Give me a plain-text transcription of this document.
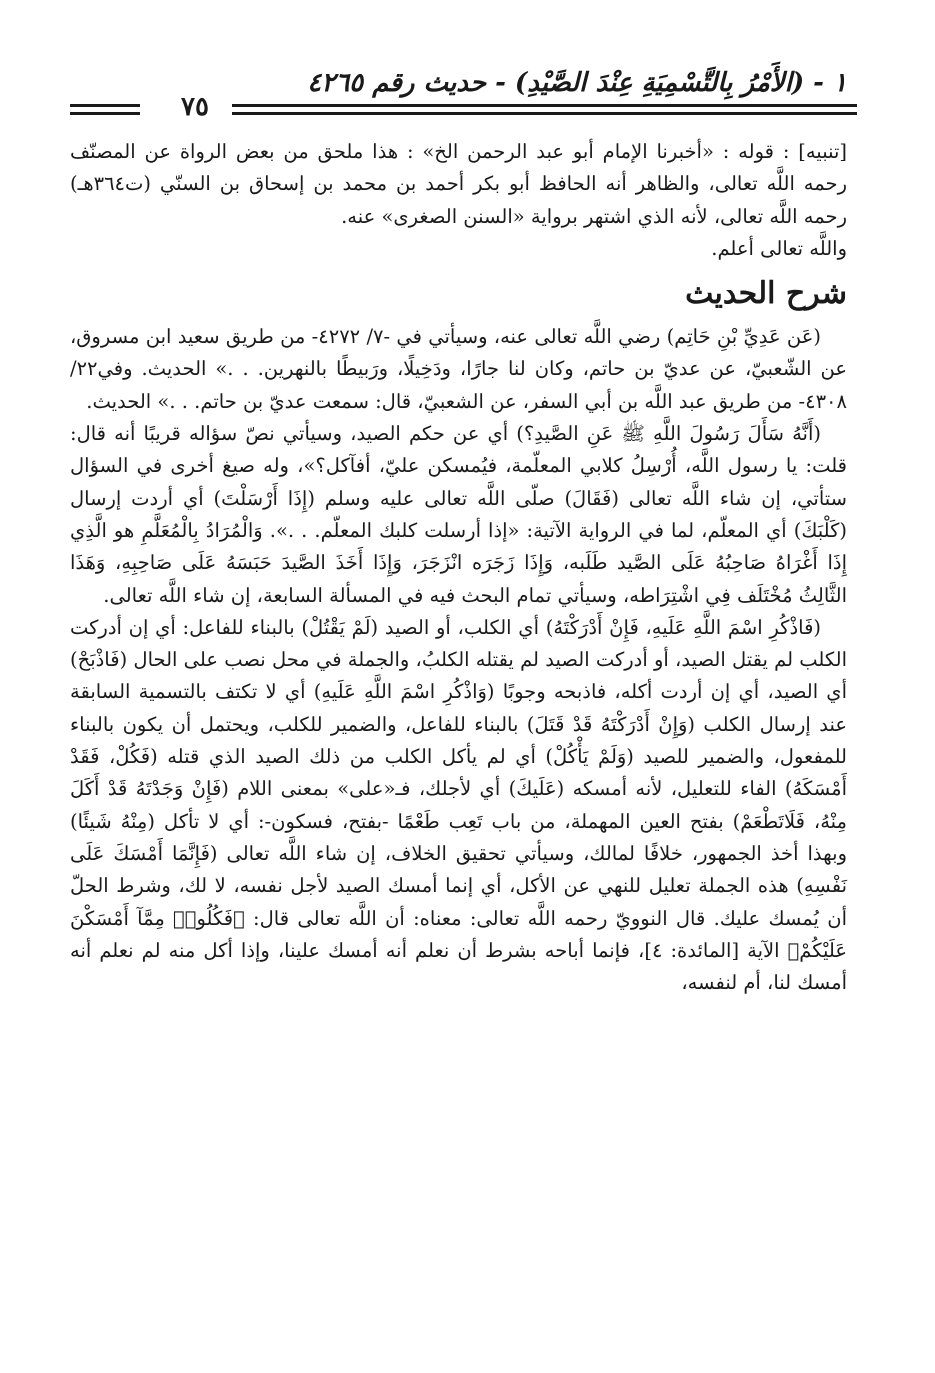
١ - (الأَمْرُ بِالتَّسْمِيَةِ عِنْدَ الصَّيْدِ) - حديث رقم ٤٢٦٥
٧٥

[تنبيه] : قوله : «أخبرنا الإمام أبو عبد الرحمن الخ» : هذا ملحق من بعض الرواة عن المصنّف رحمه اللَّه تعالى، والظاهر أنه الحافظ أبو بكر أحمد بن محمد بن إسحاق بن السنّي (ت٣٦٤هـ) رحمه اللَّه تعالى، لأنه الذي اشتهر برواية «السنن الصغرى» عنه.
واللَّه تعالى أعلم.

شرح الحديث

(عَن عَدِيِّ بْنِ حَاتِم) رضي اللَّه تعالى عنه، وسيأتي في -٧/ ٤٢٧٢- من طريق سعيد ابن مسروق، عن الشّعبيّ، عن عديّ بن حاتم، وكان لنا جارًا، ودَخِيلًا، ورَبيطًا بالنهرين. . .» الحديث. وفي٢٢/ ٤٣٠٨- من طريق عبد اللَّه بن أبي السفر، عن الشعبيّ، قال: سمعت عديّ بن حاتم. . .» الحديث.

(أَنَّهُ سَأَلَ رَسُولَ اللَّهِ ﷺ عَنِ الصَّيدِ؟) أي عن حكم الصيد، وسيأتي نصّ سؤاله قريبًا أنه قال: قلت: يا رسول اللَّه، أُرْسِلُ كلابي المعلّمة، فيُمسكن عليّ، أفآكل؟»، وله صيغ أخرى في السؤال ستأتي، إن شاء اللَّه تعالى (فَقَالَ) صلّى اللَّه تعالى عليه وسلم (إِذَا أَرْسَلْتَ) أي أردت إرسال (كَلْبَكَ) أي المعلّم، لما في الرواية الآتية: «إذا أرسلت كلبك المعلّم. . .». وَالْمُرَادُ بِالْمُعَلَّمِ هو الَّذِي إِذَا أَغْرَاهُ صَاحِبُهُ عَلَى الصَّيد طَلَبه، وَإِذَا زَجَرَه انْزَجَرَ، وَإِذَا أَخَذَ الصَّيدَ حَبَسَهُ عَلَى صَاحِبِهِ، وَهَذَا الثَّالِثُ مُخْتَلَف فِي اشْتِرَاطه، وسيأتي تمام البحث فيه في المسألة السابعة، إن شاء اللَّه تعالى.

(فَاذْكُرِ اسْمَ اللَّهِ عَلَيهِ، فَإِنْ أَدْرَكْتَهُ) أي الكلب، أو الصيد (لَمْ يَقْتُلْ) بالبناء للفاعل: أي إن أدركت الكلب لم يقتل الصيد، أو أدركت الصيد لم يقتله الكلبُ، والجملة في محل نصب على الحال (فَاذْبَحْ) أي الصيد، أي إن أردت أكله، فاذبحه وجوبًا (وَاذْكُرِ اسْمَ اللَّهِ عَلَيهِ) أي لا تكتف بالتسمية السابقة عند إرسال الكلب (وَإِنْ أَدْرَكْتَهُ قَدْ قَتَلَ) بالبناء للفاعل، والضمير للكلب، ويحتمل أن يكون بالبناء للمفعول، والضمير للصيد (وَلَمْ يَأْكُلْ) أي لم يأكل الكلب من ذلك الصيد الذي قتله (فَكُلْ، فَقَدْ أَمْسَكَهُ) الفاء للتعليل، لأنه أمسكه (عَلَيكَ) أي لأجلك، فـ«على» بمعنى اللام (فَإِنْ وَجَدْتَهُ قَدْ أَكَلَ مِنْهُ، فَلَاتَطْعَمْ) بفتح العين المهملة، من باب تَعِب طَعْمًا -بفتح، فسكون-: أي لا تأكل (مِنْهُ شَيئًا) وبهذا أخذ الجمهور، خلافًا لمالك، وسيأتي تحقيق الخلاف، إن شاء اللَّه تعالى (فَإِنَّمَا أَمْسَكَ عَلَى نَفْسِهِ) هذه الجملة تعليل للنهي عن الأكل، أي إنما أمسك الصيد لأجل نفسه، لا لك، وشرط الحلّ أن يُمسك عليك. قال النوويّ رحمه اللَّه تعالى: معناه: أن اللَّه تعالى قال: ﴿فَكُلُوا۟ مِمَّآ أَمْسَكْنَ عَلَيْكُمْ﴾ الآية [المائدة: ٤]، فإنما أباحه بشرط أن نعلم أنه أمسك علينا، وإذا أكل منه لم نعلم أنه أمسك لنا، أم لنفسه،
